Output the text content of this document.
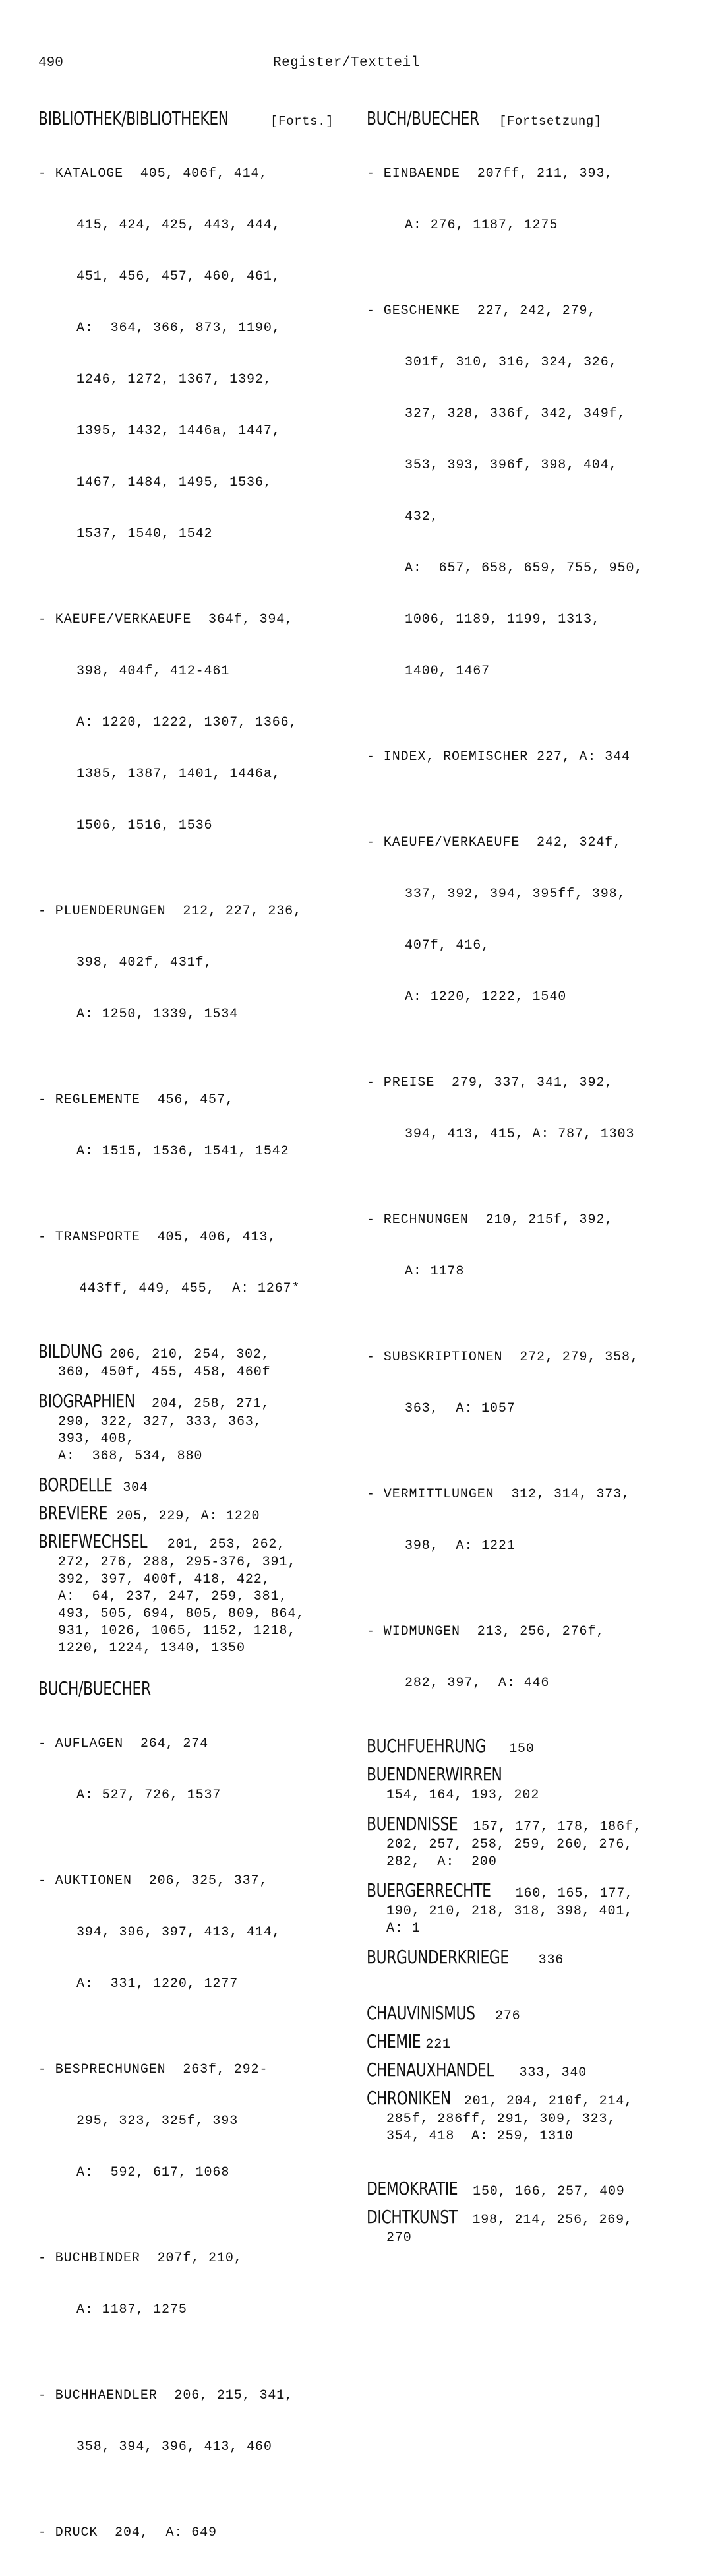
490	Register/Textteil
BIBLIOTHEK/BIBLIOTHEKEN	[Forts.]

- KATALOGE  405, 406f, 414,

415, 424, 425, 443, 444,

451, 456, 457, 460, 461,

A:  364, 366, 873, 1190,

1246, 1272, 1367, 1392,

1395, 1432, 1446a, 1447,

1467, 1484, 1495, 1536,

1537, 1540, 1542

- KAEUFE/VERKAEUFE  364f, 394,

398, 404f, 412-461

A: 1220, 1222, 1307, 1366,

1385, 1387, 1401, 1446a,

1506, 1516, 1536

- PLUENDERUNGEN  212, 227, 236,

398, 402f, 431f,

A: 1250, 1339, 1534

- REGLEMENTE  456, 457,

A: 1515, 1536, 1541, 1542

- TRANSPORTE  405, 406, 413,

443ff, 449, 455,  A: 1267*

BILDUNG 206, 210, 254, 302,
360, 450f, 455, 458, 460f
BIOGRAPHIEN 204, 258, 271,
290, 322, 327, 333, 363,
393, 408,
A:  368, 534, 880
BORDELLE 304
BREVIERE 205, 229, A: 1220
BRIEFWECHSEL 201, 253, 262,
272, 276, 288, 295-376, 391,
392, 397, 400f, 418, 422,
A:  64, 237, 247, 259, 381,
493, 505, 694, 805, 809, 864,
931, 1026, 1065, 1152, 1218,
1220, 1224, 1340, 1350
BUCH/BUECHER

- AUFLAGEN  264, 274

A: 527, 726, 1537

- AUKTIONEN  206, 325, 337,

394, 396, 397, 413, 414,

A:  331, 1220, 1277

- BESPRECHUNGEN  263f, 292-

295, 323, 325f, 393

A:  592, 617, 1068

- BUCHBINDER  207f, 210,

A: 1187, 1275

- BUCHHAENDLER  206, 215, 341,

358, 394, 396, 413, 460

- DRUCK  204,  A: 649

BUCH/BUECHER [Fortsetzung]

- EINBAENDE  207ff, 211, 393,

A: 276, 1187, 1275

- GESCHENKE  227, 242, 279,

301f, 310, 316, 324, 326,

327, 328, 336f, 342, 349f,

353, 393, 396f, 398, 404,

432,

A:  657, 658, 659, 755, 950,

1006, 1189, 1199, 1313,

1400, 1467

- INDEX, ROEMISCHER 227, A: 344

- KAEUFE/VERKAEUFE  242, 324f,

337, 392, 394, 395ff, 398,

407f, 416,

A: 1220, 1222, 1540

- PREISE  279, 337, 341, 392,

394, 413, 415, A: 787, 1303

- RECHNUNGEN  210, 215f, 392,

A: 1178

- SUBSKRIPTIONEN  272, 279, 358,

363,  A: 1057

- VERMITTLUNGEN  312, 314, 373,

398,  A: 1221

- WIDMUNGEN  213, 256, 276f,

282, 397,  A: 446

BUCHFUEHRUNG 150
BUENDNERWIRREN
154, 164, 193, 202
BUENDNISSE 157, 177, 178, 186f,
202, 257, 258, 259, 260, 276,
282,  A:  200
BUERGERRECHTE 160, 165, 177,
190, 210, 218, 318, 398, 401,
A: 1
BURGUNDERKRIEGE 336
CHAUVINISMUS 276
CHEMIE 221
CHENAUXHANDEL 333, 340
CHRONIKEN 201, 204, 210f, 214,
285f, 286ff, 291, 309, 323,
354, 418  A: 259, 1310
DEMOKRATIE 150, 166, 257, 409
DICHTKUNST 198, 214, 256, 269,
270
